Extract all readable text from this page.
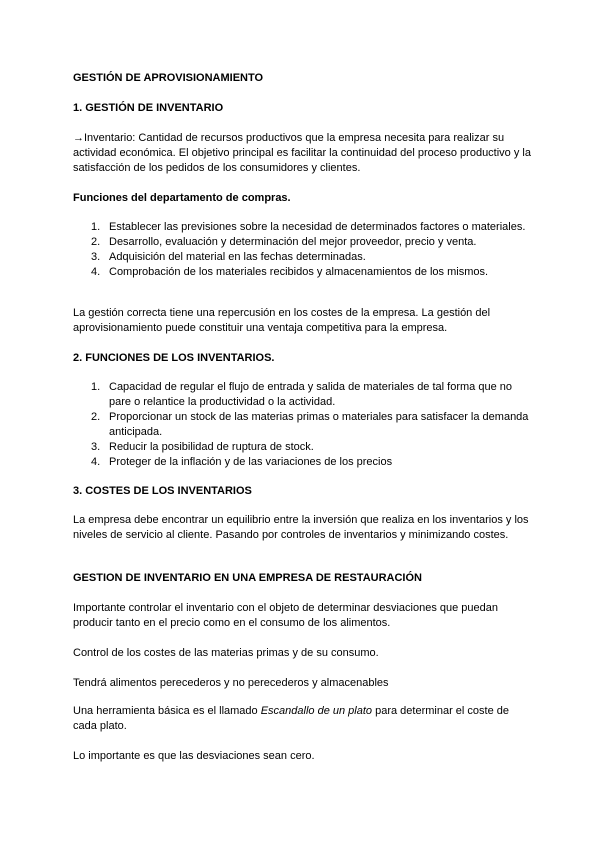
GESTIÓN DE APROVISIONAMIENTO
1. GESTIÓN DE INVENTARIO

→Inventario: Cantidad de recursos productivos que la empresa necesita para realizar su actividad económica. El objetivo principal es facilitar la continuidad del proceso productivo y la satisfacción de los pedidos de los consumidores y clientes.

Funciones del departamento de compras.
1. Establecer las previsiones sobre la necesidad de determinados factores o materiales.
2. Desarrollo, evaluación y determinación del mejor proveedor, precio y venta.
3. Adquisición del material en las fechas determinadas.
4. Comprobación de los materiales recibidos y almacenamientos de los mismos.

La gestión correcta tiene una repercusión en los costes de la empresa. La gestión del aprovisionamiento puede constituir una ventaja competitiva para la empresa.

2. FUNCIONES DE LOS INVENTARIOS.
1. Capacidad de regular el flujo de entrada y salida de materiales de tal forma que no pare o relantice la productividad o la actividad.
2. Proporcionar un stock de las materias primas o materiales para satisfacer la demanda anticipada.
3. Reducir la posibilidad de ruptura de stock.
4. Proteger de la inflación y de las variaciones de los precios
3. COSTES DE LOS INVENTARIOS

La empresa debe encontrar un equilibrio entre la inversión que realiza en los inventarios y los niveles de servicio al cliente. Pasando por controles de inventarios y minimizando costes.

GESTION DE INVENTARIO EN UNA EMPRESA DE RESTAURACIÓN

Importante controlar el inventario con el objeto de determinar desviaciones que puedan producir tanto en el precio como en el consumo de los alimentos.

Control de los costes de las materias primas y de su consumo.

Tendrá alimentos perecederos y no perecederos y almacenables

Una herramienta básica es el llamado Escandallo de un plato para determinar el coste de cada plato.

Lo importante es que las desviaciones sean cero.
